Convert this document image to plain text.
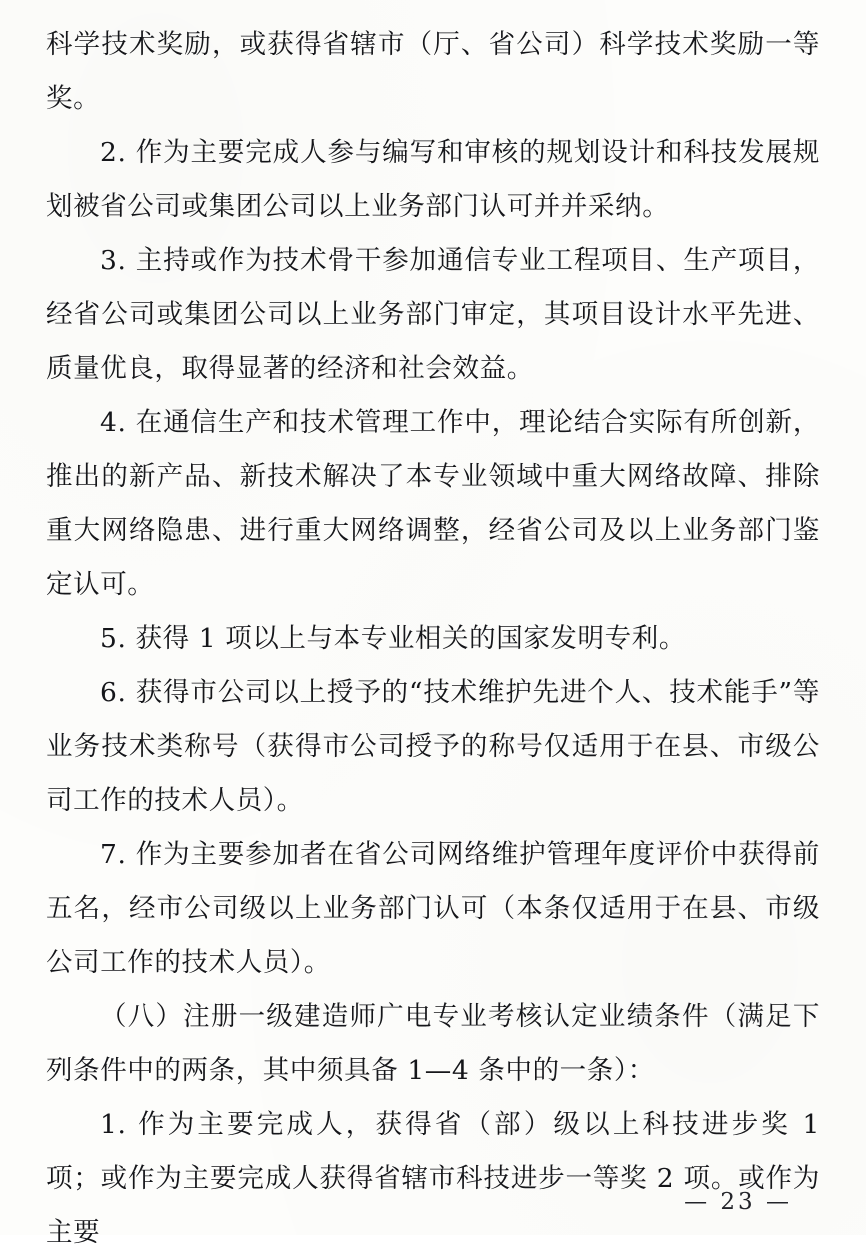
科学技术奖励，或获得省辖市（厅、省公司）科学技术奖励一等奖。

2. 作为主要完成人参与编写和审核的规划设计和科技发展规划被省公司或集团公司以上业务部门认可并并采纳。

3. 主持或作为技术骨干参加通信专业工程项目、生产项目，经省公司或集团公司以上业务部门审定，其项目设计水平先进、质量优良，取得显著的经济和社会效益。

4. 在通信生产和技术管理工作中，理论结合实际有所创新，推出的新产品、新技术解决了本专业领域中重大网络故障、排除重大网络隐患、进行重大网络调整，经省公司及以上业务部门鉴定认可。

5. 获得 1 项以上与本专业相关的国家发明专利。

6. 获得市公司以上授予的“技术维护先进个人、技术能手”等业务技术类称号（获得市公司授予的称号仅适用于在县、市级公司工作的技术人员）。

7. 作为主要参加者在省公司网络维护管理年度评价中获得前五名，经市公司级以上业务部门认可（本条仅适用于在县、市级公司工作的技术人员）。

（八）注册一级建造师广电专业考核认定业绩条件（满足下列条件中的两条，其中须具备 1—4 条中的一条）：

1. 作为主要完成人，获得省（部）级以上科技进步奖 1 项；或作为主要完成人获得省辖市科技进步一等奖 2 项。或作为主要

— 23 —
